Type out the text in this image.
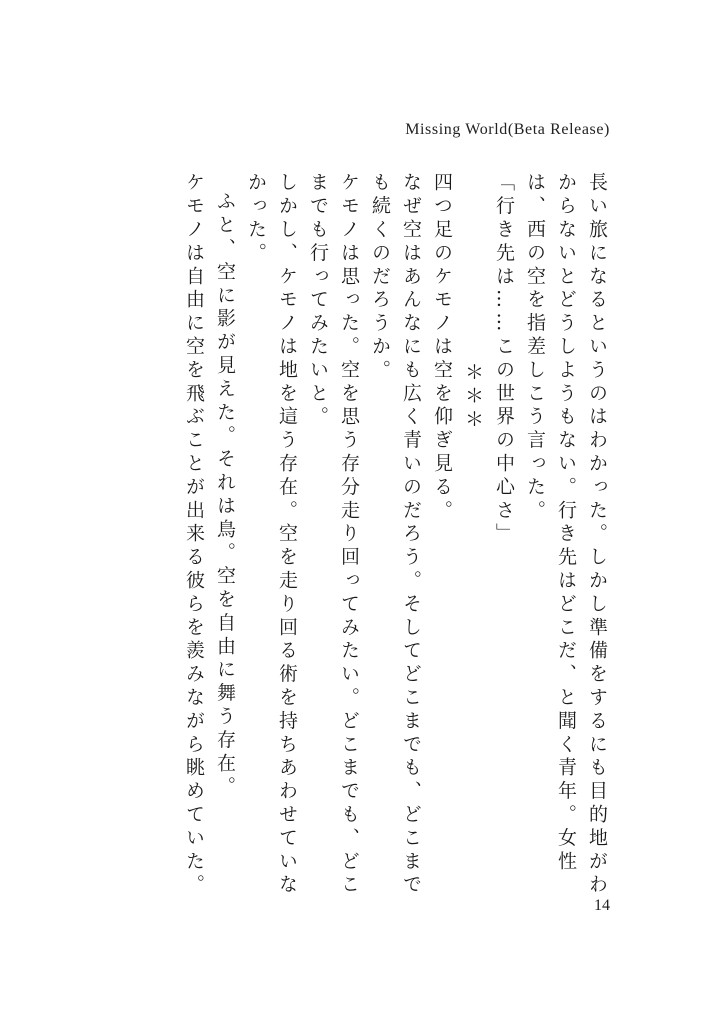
Missing World(Beta Release)

長い旅になるというのはわかった。しかし準備をするにも目的地がわからないとどうしようもない。行き先はどこだ、と聞く青年。女性は、西の空を指差しこう言った。

「行き先は……この世界の中心さ」

＊＊＊

四つ足のケモノは空を仰ぎ見る。

なぜ空はあんなにも広く青いのだろう。そしてどこまでも、どこまでも続くのだろうか。

ケモノは思った。空を思う存分走り回ってみたい。どこまでも、どこまでも行ってみたいと。

しかし、ケモノは地を這う存在。空を走り回る術を持ちあわせていなかった。

ふと、空に影が見えた。それは鳥。空を自由に舞う存在。

ケモノは自由に空を飛ぶことが出来る彼らを羨みながら眺めていた。

14
